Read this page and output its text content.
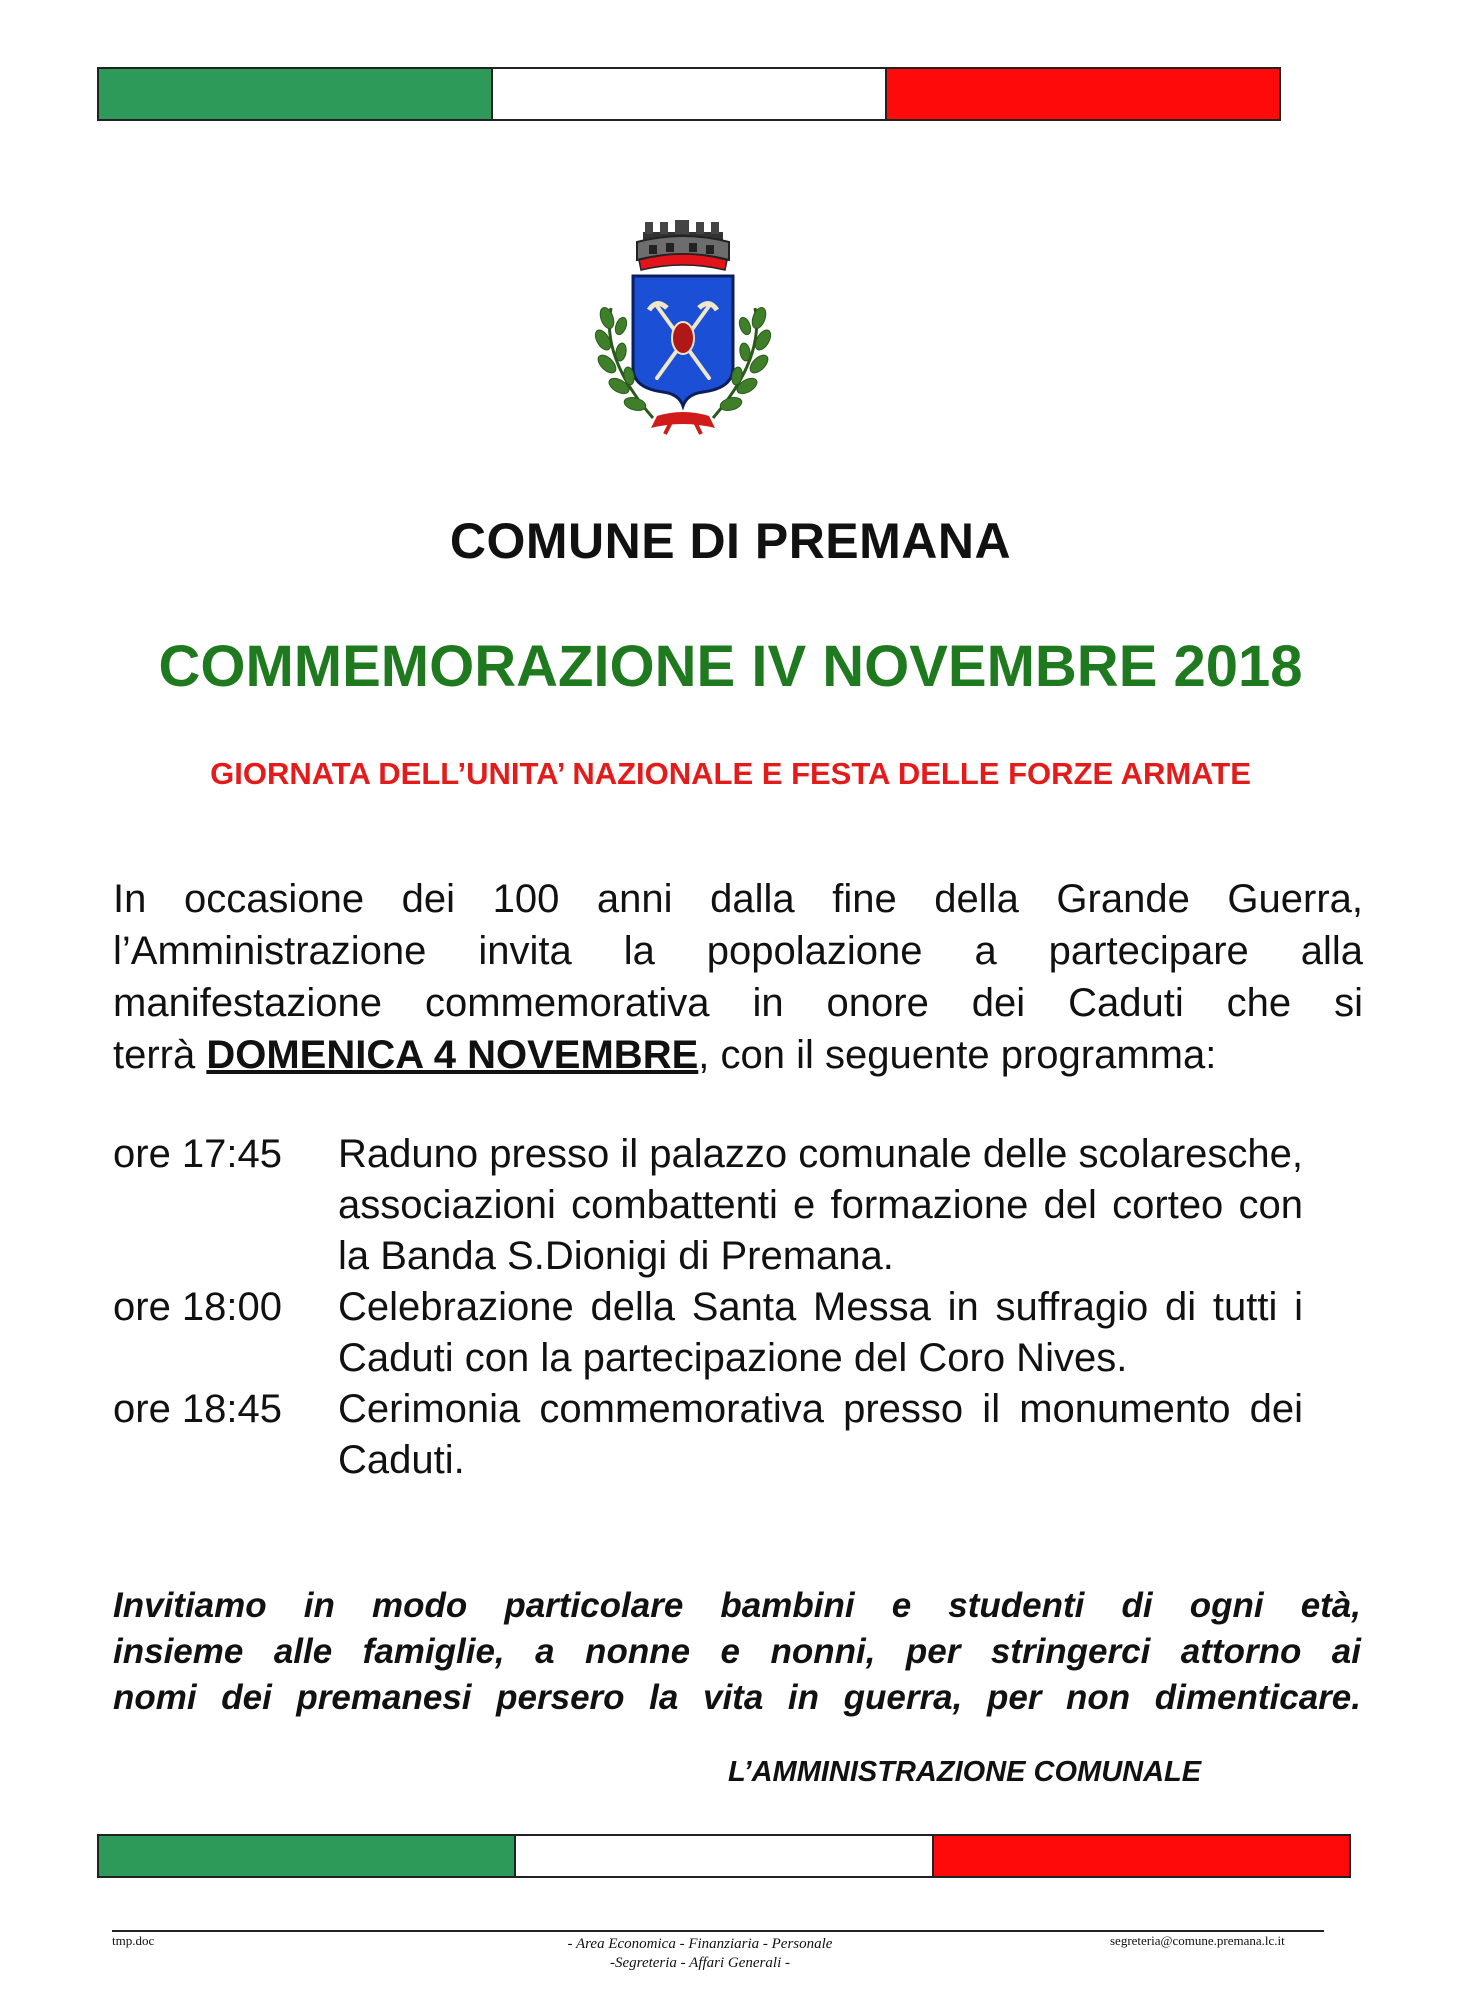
COMUNE DI PREMANA
COMMEMORAZIONE IV NOVEMBRE 2018
GIORNATA DELL’UNITA’ NAZIONALE E FESTA DELLE FORZE ARMATE
In occasione dei 100 anni dalla fine della Grande Guerra,
l’Amministrazione invita la popolazione a partecipare alla
manifestazione commemorativa in onore dei Caduti che si
terrà DOMENICA 4 NOVEMBRE, con il seguente programma:
ore 17:45	Raduno presso il palazzo comunale delle scolaresche, associazioni combattenti e formazione del corteo con la Banda S.Dionigi di Premana.
ore 18:00	Celebrazione della Santa Messa in suffragio di tutti i Caduti con la partecipazione del Coro Nives.
ore 18:45	Cerimonia commemorativa presso il monumento dei Caduti.
Invitiamo in modo particolare bambini e studenti di ogni età,
insieme alle famiglie, a nonne e nonni, per stringerci attorno ai
nomi dei premanesi persero la vita in guerra, per non dimenticare.
L’AMMINISTRAZIONE COMUNALE
tmp.doc	- Area Economica - Finanziaria - Personale
-Segreteria - Affari Generali -
segreteria@comune.premana.lc.it
